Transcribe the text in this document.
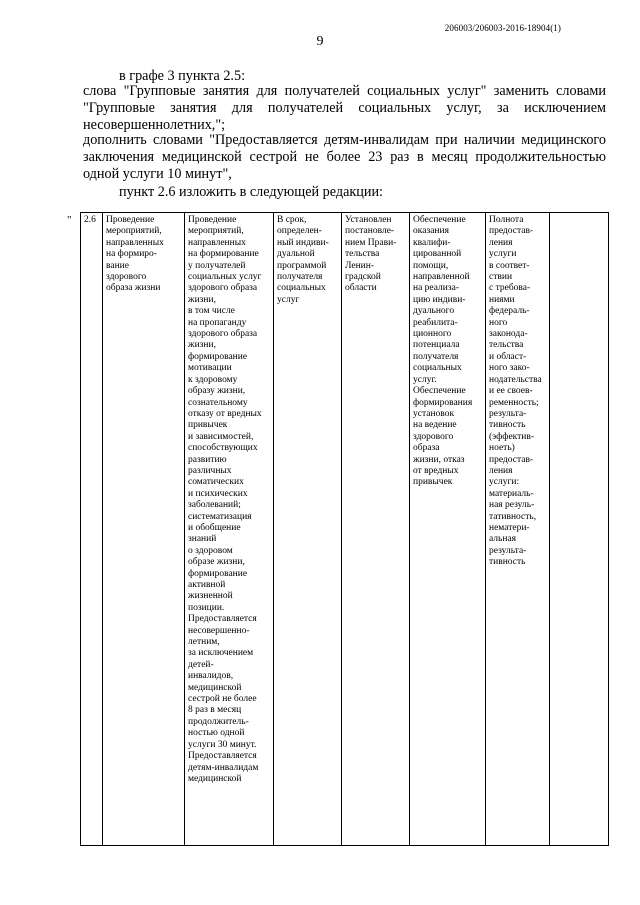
206003/206003-2016-18904(1)
9
в графе 3 пункта 2.5:
слова "Групповые занятия для получателей социальных услуг" заменить словами "Групповые занятия для получателей социальных услуг, за исключением несовершеннолетних,";
дополнить словами "Предоставляется детям-инвалидам при наличии медицинского заключения медицинской сестрой не более 23 раз в месяц продолжительностью одной услуги 10 минут",
пункт 2.6 изложить в следующей редакции:
" 2.6	Проведение
мероприятий,
направленных
на формиро-
вание
здорового
образа жизни	Проведение
мероприятий,
направленных
на формирование
у получателей
социальных услуг
здорового образа
жизни,
в том числе
на пропаганду
здорового образа
жизни,
формирование
мотивации
к здоровому
образу жизни,
сознательному
отказу от вредных
привычек
и зависимостей,
способствующих
развитию
различных
соматических
и психических
заболеваний;
систематизация
и обобщение
знаний
о здоровом
образе жизни,
формирование
активной
жизненной
позиции.
Предоставляется
несовершенно-
летним,
за исключением
детей-
инвалидов,
медицинской
сестрой не более
8 раз в месяц
продолжитель-
ностью одной
услуги 30 минут.
Предоставляется
детям-инвалидам
медицинской	В срок,
определен-
ный индиви-
дуальной
программой
получателя
социальных
услуг	Установлен
постановле-
нием Прави-
тельства
Ленин-
градской
области	Обеспечение
оказания
квалифи-
цированной
помощи,
направленной
на реализа-
цию индиви-
дуального
реабилита-
ционного
потенциала
получателя
социальных
услуг.
Обеспечение
формирования
установок
на ведение
здорового
образа
жизни, отказ
от вредных
привычек	Полнота
предостав-
ления
услуги
в соответ-
ствии
с требова-
ниями
федераль-
ного
законода-
тельства
и област-
ного зако-
нодательства
и ее своев-
ременность;
результа-
тивность
(эффектив-
ноеть)
предостав-
ления
услуги:
материаль-
ная резуль-
тативность,
нематери-
альная
результа-
тивность	
